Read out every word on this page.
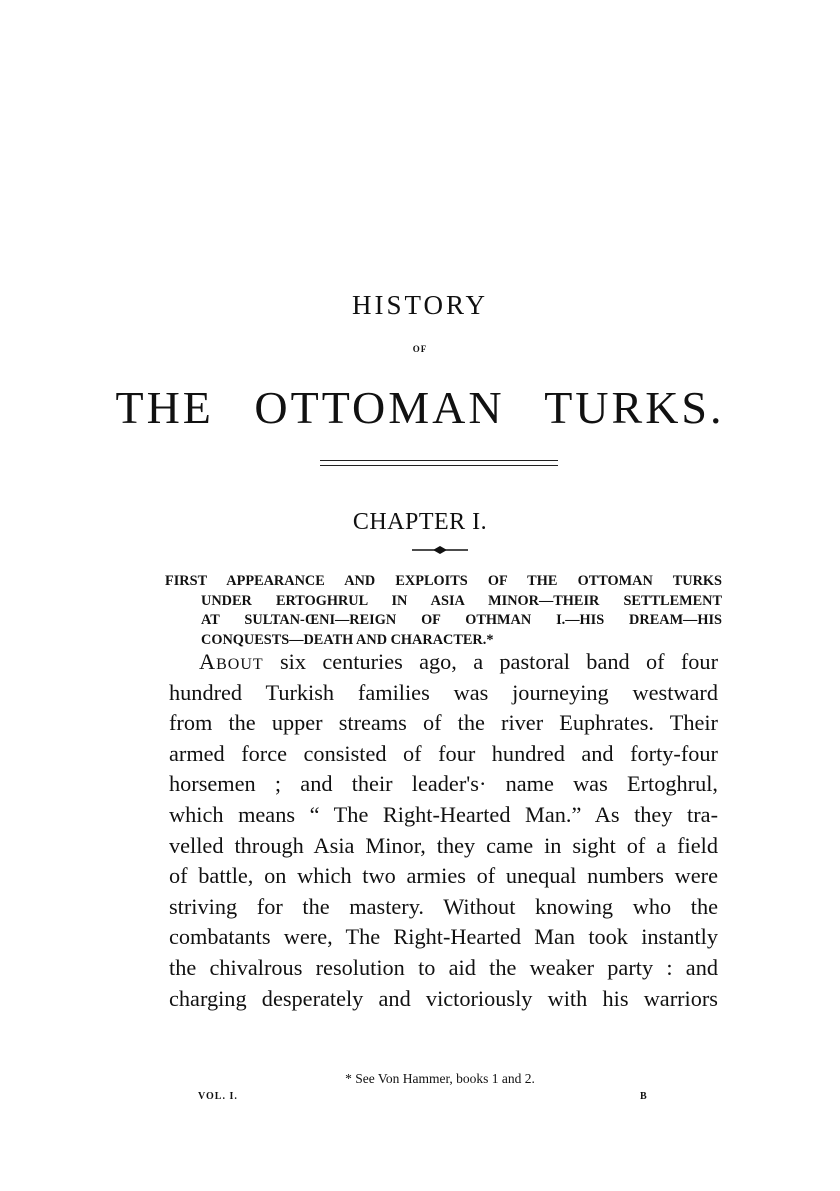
HISTORY
OF
THE OTTOMAN TURKS.
CHAPTER I.
FIRST APPEARANCE AND EXPLOITS OF THE OTTOMAN TURKS
UNDER ERTOGHRUL IN ASIA MINOR—THEIR SETTLEMENT
AT SULTAN-ŒNI—REIGN OF OTHMAN I.—HIS DREAM—HIS
CONQUESTS—DEATH AND CHARACTER.*
About six centuries ago, a pastoral band of four
hundred Turkish families was journeying westward
from the upper streams of the river Euphrates. Their
armed force consisted of four hundred and forty-four
horsemen ; and their leader's· name was Ertoghrul,
which means “ The Right-Hearted Man.” As they tra-
velled through Asia Minor, they came in sight of a field
of battle, on which two armies of unequal numbers were
striving for the mastery. Without knowing who the
combatants were, The Right-Hearted Man took instantly
the chivalrous resolution to aid the weaker party : and
charging desperately and victoriously with his warriors
* See Von Hammer, books 1 and 2.
VOL. I.	B
